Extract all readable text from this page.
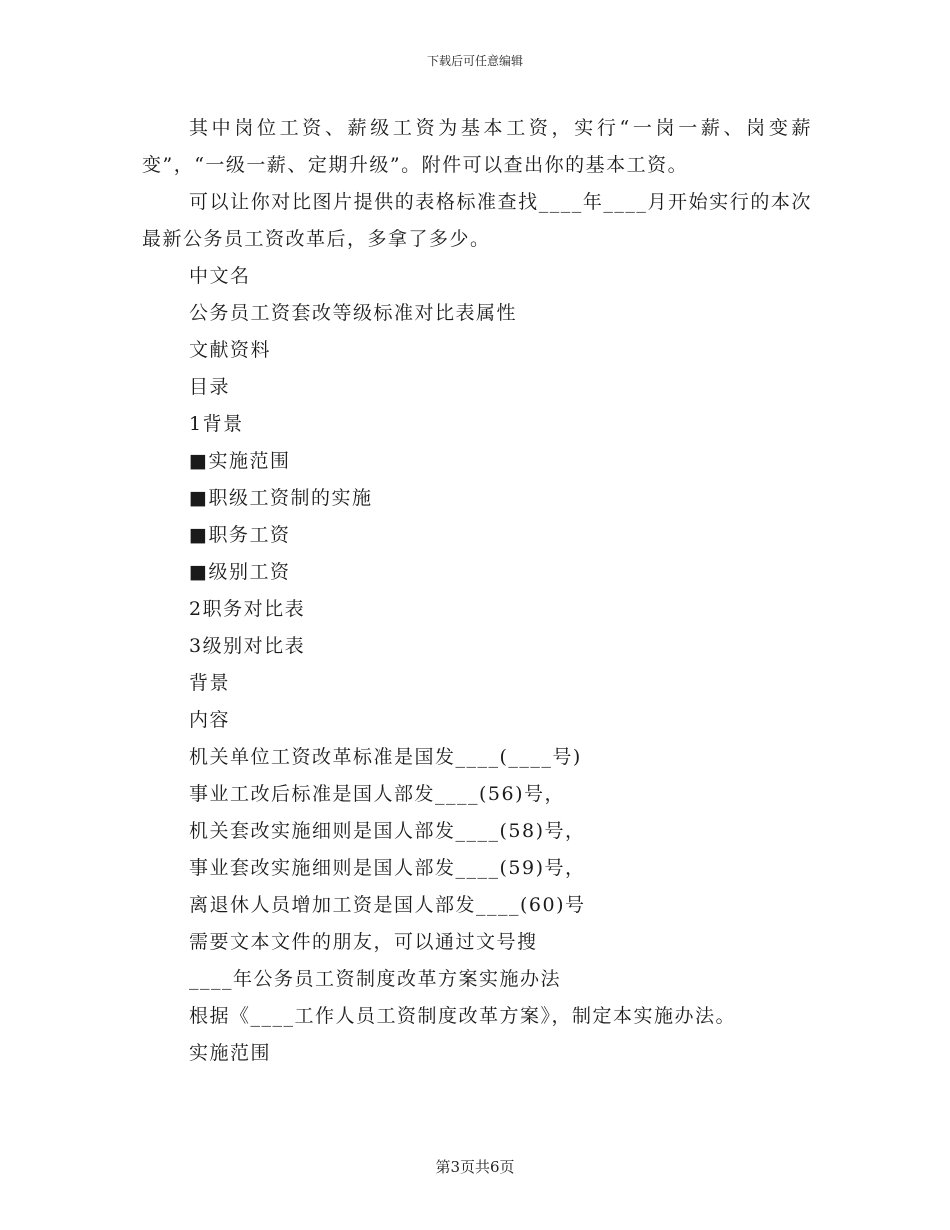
下载后可任意编辑

其中岗位工资、薪级工资为基本工资，实行“一岗一薪、岗变薪变”，“一级一薪、定期升级”。附件可以查出你的基本工资。

可以让你对比图片提供的表格标准查找____年____月开始实行的本次最新公务员工资改革后，多拿了多少。

中文名

公务员工资套改等级标准对比表属性

文献资料

目录

1背景

■实施范围

■职级工资制的实施

■职务工资

■级别工资

2职务对比表

3级别对比表

背景

内容

机关单位工资改革标准是国发____(____号)

事业工改后标准是国人部发____(56)号，

机关套改实施细则是国人部发____(58)号，

事业套改实施细则是国人部发____(59)号，

离退休人员增加工资是国人部发____(60)号

需要文本文件的朋友，可以通过文号搜

____年公务员工资制度改革方案实施办法

根据《____工作人员工资制度改革方案》，制定本实施办法。

实施范围

第3页共6页
